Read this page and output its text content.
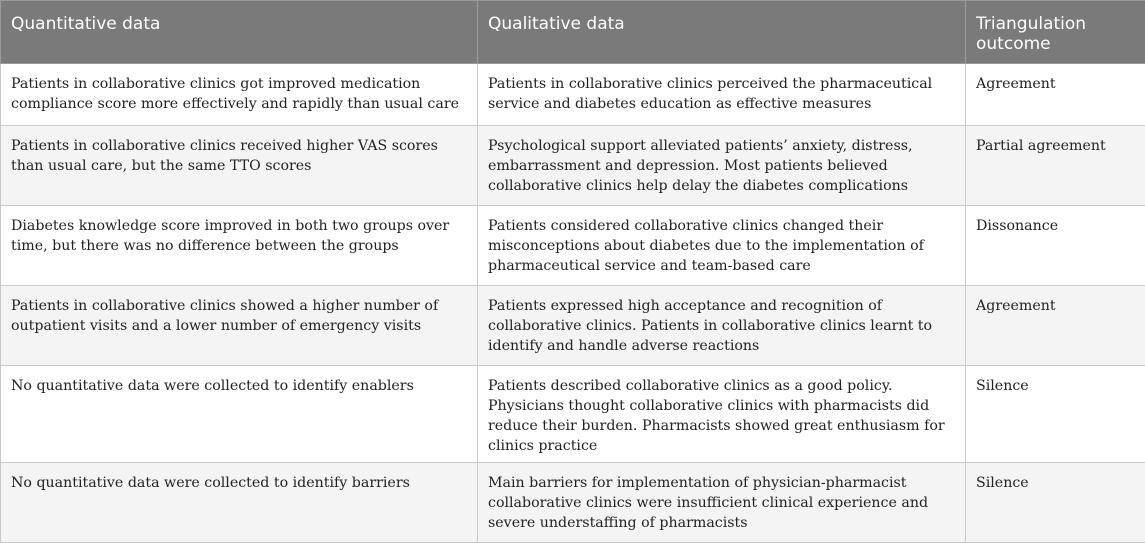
Quantitative data	Qualitative data	Triangulation outcome
Patients in collaborative clinics got improved medication compliance score more effectively and rapidly than usual care	Patients in collaborative clinics perceived the pharmaceutical service and diabetes education as effective measures	Agreement
Patients in collaborative clinics received higher VAS scores than usual care, but the same TTO scores	Psychological support alleviated patients’ anxiety, distress, embarrassment and depression. Most patients believed collaborative clinics help delay the diabetes complications	Partial agreement
Diabetes knowledge score improved in both two groups over time, but there was no difference between the groups	Patients considered collaborative clinics changed their misconceptions about diabetes due to the implementation of pharmaceutical service and team-based care	Dissonance
Patients in collaborative clinics showed a higher number of outpatient visits and a lower number of emergency visits	Patients expressed high acceptance and recognition of collaborative clinics. Patients in collaborative clinics learnt to identify and handle adverse reactions	Agreement
No quantitative data were collected to identify enablers	Patients described collaborative clinics as a good policy. Physicians thought collaborative clinics with pharmacists did reduce their burden. Pharmacists showed great enthusiasm for clinics practice	Silence
No quantitative data were collected to identify barriers	Main barriers for implementation of physician-pharmacist collaborative clinics were insufficient clinical experience and severe understaffing of pharmacists	Silence
